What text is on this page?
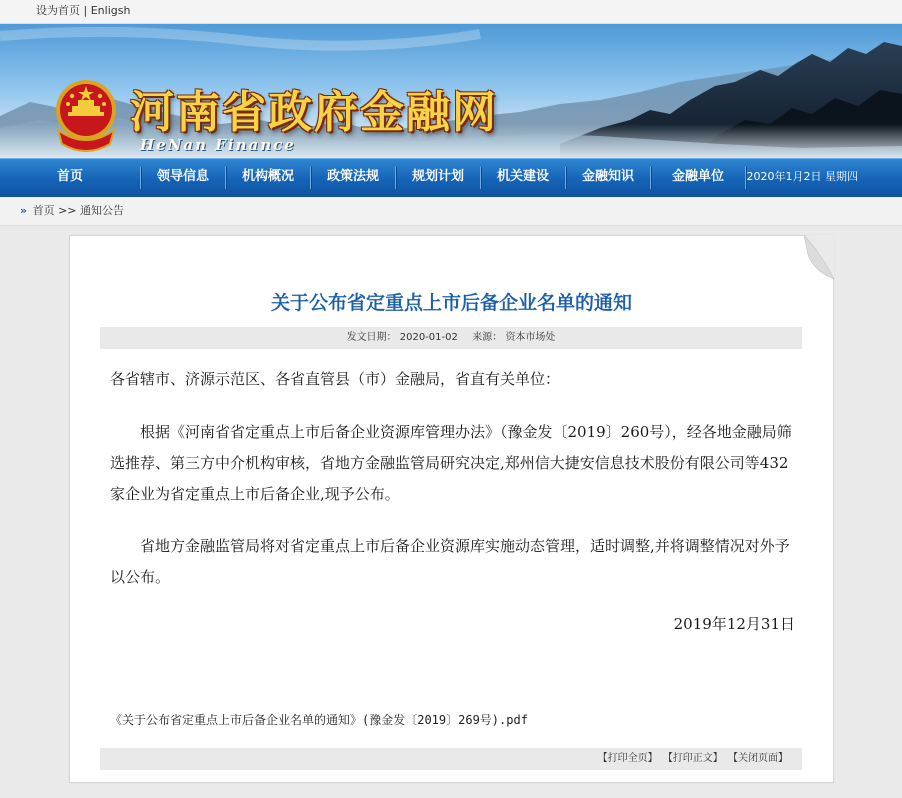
设为首页 | Enligsh
河南省政府金融网
HeNan Finance
首页	领导信息	机构概况	政策法规	规划计划	机关建设	金融知识	金融单位	2020年1月2日 星期四
›› 首页 >> 通知公告
关于公布省定重点上市后备企业名单的通知
发文日期： 2020-01-02 来源： 资本市场处

各省辖市、济源示范区、各省直管县（市）金融局，省直有关单位：

根据《河南省省定重点上市后备企业资源库管理办法》（豫金发〔2019〕260号），经各地金融局筛选推荐、第三方中介机构审核，省地方金融监管局研究决定,郑州信大捷安信息技术股份有限公司等432家企业为省定重点上市后备企业,现予公布。

省地方金融监管局将对省定重点上市后备企业资源库实施动态管理，适时调整,并将调整情况对外予以公布。

2019年12月31日

《关于公布省定重点上市后备企业名单的通知》(豫金发〔2019〕269号).pdf
【打印全页】 【打印正文】 【关闭页面】
